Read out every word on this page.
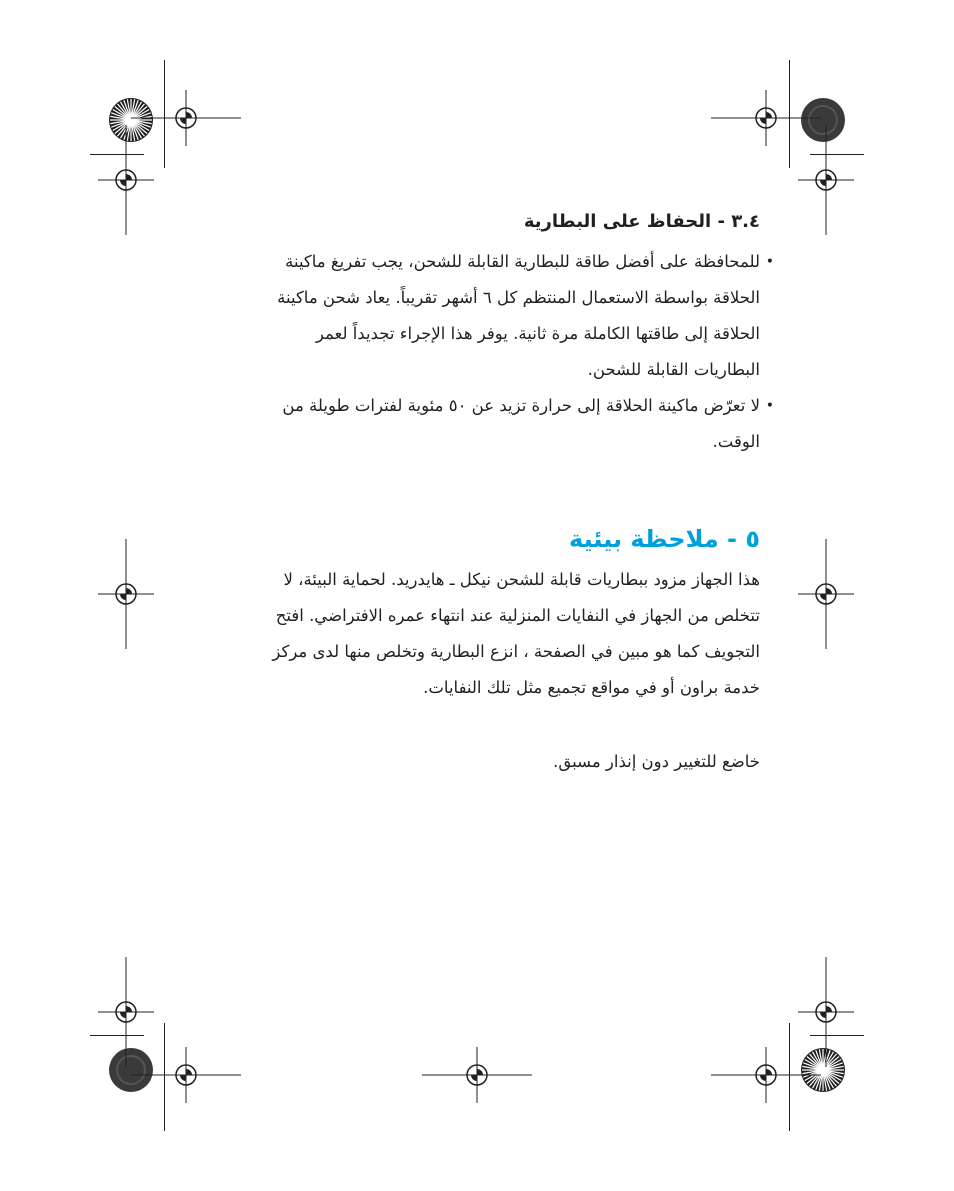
٣.٤ - الحفاظ على البطارية
•
للمحافظة على أفضل طاقة للبطارية القابلة للشحن، يجب تفريغ ماكينة الحلاقة بواسطة الاستعمال المنتظم كل ٦ أشهر تقريباً. يعاد شحن ماكينة الحلاقة إلى طاقتها الكاملة مرة ثانية. يوفر هذا الإجراء تجديداً لعمر البطاريات القابلة للشحن.
•
لا تعرّض ماكينة الحلاقة إلى حرارة تزيد عن ٥٠ مئوية لفترات طويلة من الوقت.
٥ - ملاحظة بيئية

هذا الجهاز مزود ببطاريات قابلة للشحن نيكل ـ هايدريد. لحماية البيئة، لا تتخلص من الجهاز في النفايات المنزلية عند انتهاء عمره الافتراضي. افتح التجويف كما هو مبين في الصفحة ، انزع البطارية وتخلص منها لدى مركز خدمة براون أو في مواقع تجميع مثل تلك النفايات.

خاضع للتغيير دون إنذار مسبق.
